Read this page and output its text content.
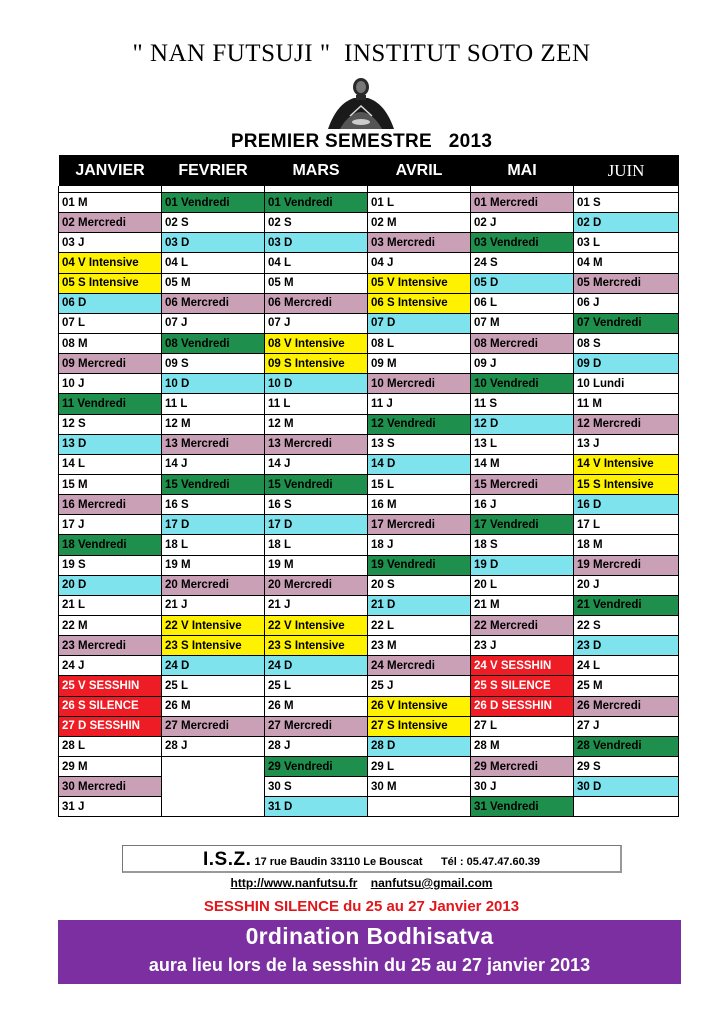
" NAN FUTSUJI "  INSTITUT SOTO ZEN
PREMIER SEMESTRE   2013
JANVIER	FEVRIER	MARS	AVRIL	MAI	JUIN

01 M	01 Vendredi	01 Vendredi	01 L	01 Mercredi	01 S
02 Mercredi	02 S	02 S	02 M	02 J	02 D
03 J	03 D	03 D	03 Mercredi	03 Vendredi	03 L
04 V Intensive	04 L	04 L	04 J	24 S	04 M
05 S Intensive	05 M	05 M	05 V Intensive	05 D	05 Mercredi
06 D	06 Mercredi	06 Mercredi	06 S Intensive	06 L	06 J
07 L	07 J	07 J	07 D	07 M	07 Vendredi
08 M	08 Vendredi	08 V Intensive	08 L	08 Mercredi	08 S
09 Mercredi	09 S	09 S Intensive	09 M	09 J	09 D
10 J	10 D	10 D	10 Mercredi	10 Vendredi	10 Lundi
11 Vendredi	11 L	11 L	11 J	11 S	11 M
12 S	12 M	12 M	12 Vendredi	12 D	12 Mercredi
13 D	13 Mercredi	13 Mercredi	13 S	13 L	13 J
14 L	14 J	14 J	14 D	14 M	14 V Intensive
15 M	15 Vendredi	15 Vendredi	15 L	15 Mercredi	15 S Intensive
16 Mercredi	16 S	16 S	16 M	16 J	16 D
17 J	17 D	17 D	17 Mercredi	17 Vendredi	17 L
18 Vendredi	18 L	18 L	18 J	18 S	18 M
19 S	19 M	19 M	19 Vendredi	19 D	19 Mercredi
20 D	20 Mercredi	20 Mercredi	20 S	20 L	20 J
21 L	21 J	21 J	21 D	21 M	21 Vendredi
22 M	22 V Intensive	22 V Intensive	22 L	22 Mercredi	22 S
23 Mercredi	23 S Intensive	23 S Intensive	23 M	23 J	23 D
24 J	24 D	24 D	24 Mercredi	24 V SESSHIN	24 L
25 V SESSHIN	25 L	25 L	25 J	25 S SILENCE	25 M
26 S SILENCE	26 M	26 M	26 V Intensive	26 D SESSHIN	26 Mercredi
27 D SESSHIN	27 Mercredi	27 Mercredi	27 S Intensive	27 L	27 J
28 L	28 J	28 J	28 D	28 M	28 Vendredi
29 M		29 Vendredi	29 L	29 Mercredi	29 S
30 Mercredi		30 S	30 M	30 J	30 D
31 J		31 D		31 Vendredi	
I.S.Z. 17 rue Baudin 33110 Le Bouscat Tél : 05.47.47.60.39
http://www.nanfutsu.fr nanfutsu@gmail.com
SESSHIN SILENCE du 25 au 27 Janvier 2013
0rdination Bodhisatva
aura lieu lors de la sesshin du 25 au 27 janvier 2013
